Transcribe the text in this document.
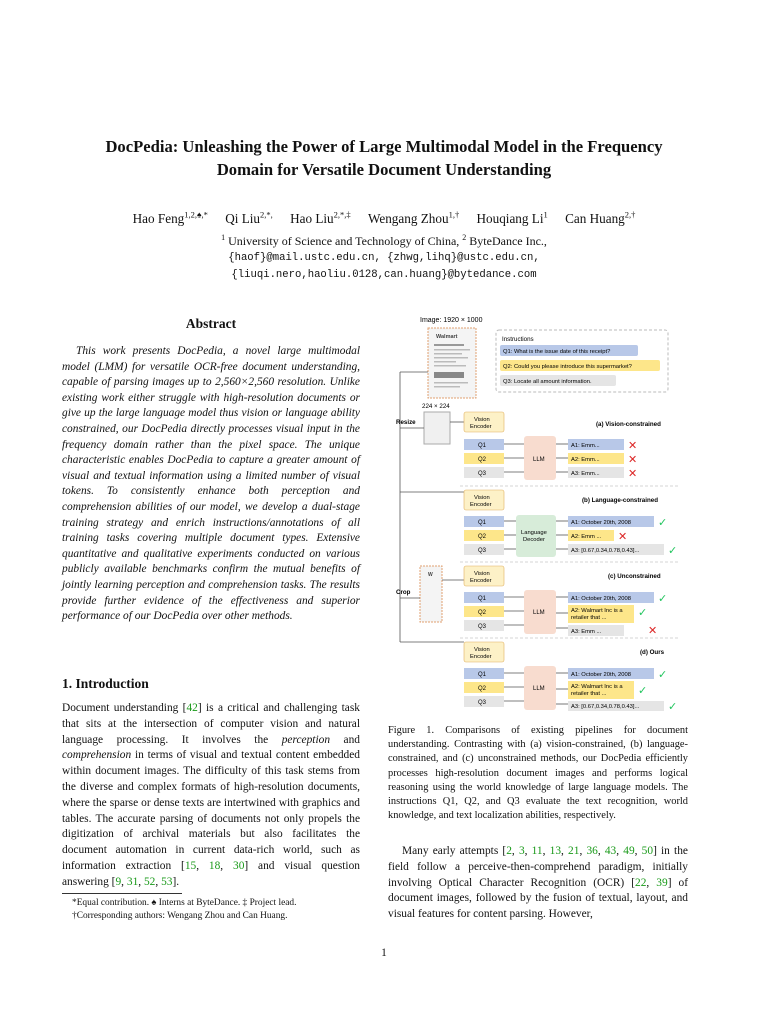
DocPedia: Unleashing the Power of Large Multimodal Model in the Frequency
Domain for Versatile Document Understanding
Hao Feng$^{1,2,♠,*}$ Qi Liu$^{2,*,}$ Hao Liu$^{2,*,\ddagger}$ Wengang Zhou$^{1,\dagger}$ Houqiang Li$^1$ Can Huang$^{2,\dagger}$
$^1$ University of Science and Technology of China, $^2$ ByteDance Inc.,
{haof}@mail.ustc.edu.cn, {zhwg,lihq}@ustc.edu.cn,
{liuqi.nero,haoliu.0128,can.huang}@bytedance.com
Abstract

This work presents DocPedia, a novel large multimodal model (LMM) for versatile OCR-free document understanding, capable of parsing images up to 2,560×2,560 resolution. Unlike existing work either struggle with high-resolution documents or give up the large language model thus vision or language ability constrained, our DocPedia directly processes visual input in the frequency domain rather than the pixel space. The unique characteristic enables DocPedia to capture a greater amount of visual and textual information using a limited number of visual tokens. To consistently enhance both perception and comprehension abilities of our model, we develop a dual-stage training strategy and enrich instructions/annotations of all training tasks covering multiple document types. Extensive quantitative and qualitative experiments conducted on various publicly available benchmarks confirm the mutual benefits of jointly learning perception and comprehension tasks. The results provide further evidence of the effectiveness and superior performance of our DocPedia over other methods.

1. Introduction

Document understanding [42] is a critical and challenging task that sits at the intersection of computer vision and natural language processing. It involves the perception and comprehension in terms of visual and textual content embedded within document images. The difficulty of this task stems from the diverse and complex formats of high-resolution documents, where the sparse or dense texts are intertwined with graphics and tables. The accurate parsing of documents not only propels the digitization of archival materials but also facilitates the document automation in current data-rich world, such as information extraction [15, 18, 30] and visual question answering [9, 31, 52, 53].

*Equal contribution. ♠ Interns at ByteDance. ‡ Project lead.
†Corresponding authors: Wengang Zhou and Can Huang.
Image: 1920 × 1000
Walmart	Instructions
Q1: What is the issue date of this receipt?
Q2: Could you please introduce this supermarket?
Q3: Locate all amount information.
224 × 224
Resize	Vision Encoder	(a) Vision-constrained
Q1
Q2
Q3
LLM
A1: Emm...
A2: Emm...
A3: Emm...
✕
✕
✕
Vision Encoder
(b) Language-constrained
Q1
Q2
Q3
Language Decoder
A1: October 20th, 2008
A2: Emm ...
A3: [0.67,0.34,0.78,0.43]...
✓
✕
✓
Crop
W	Vision Encoder
(c) Unconstrained
Q1
Q2
Q3
LLM
A1: October 20th, 2008
A2: Walmart Inc is a retailer that ...
A3: Emm ...
✓
✓
✕
Vision Encoder
(d) Ours
Q1
Q2
Q3
LLM
A1: October 20th, 2008
A2: Walmart Inc is a retailer that ...
A3: [0.67,0.34,0.78,0.43]...
✓
✓
✓

Figure 1. Comparisons of existing pipelines for document understanding. Contrasting with (a) vision-constrained, (b) language-constrained, and (c) unconstrained methods, our DocPedia efficiently processes high-resolution document images and performs logical reasoning using the world knowledge of large language models. The instructions Q1, Q2, and Q3 evaluate the text recognition, world knowledge, and text localization abilities, respectively.

Many early attempts [2, 3, 11, 13, 21, 36, 43, 49, 50] in the field follow a perceive-then-comprehend paradigm, initially involving Optical Character Recognition (OCR) [22, 39] of document images, followed by the fusion of textual, layout, and visual features for content parsing. However,

1
